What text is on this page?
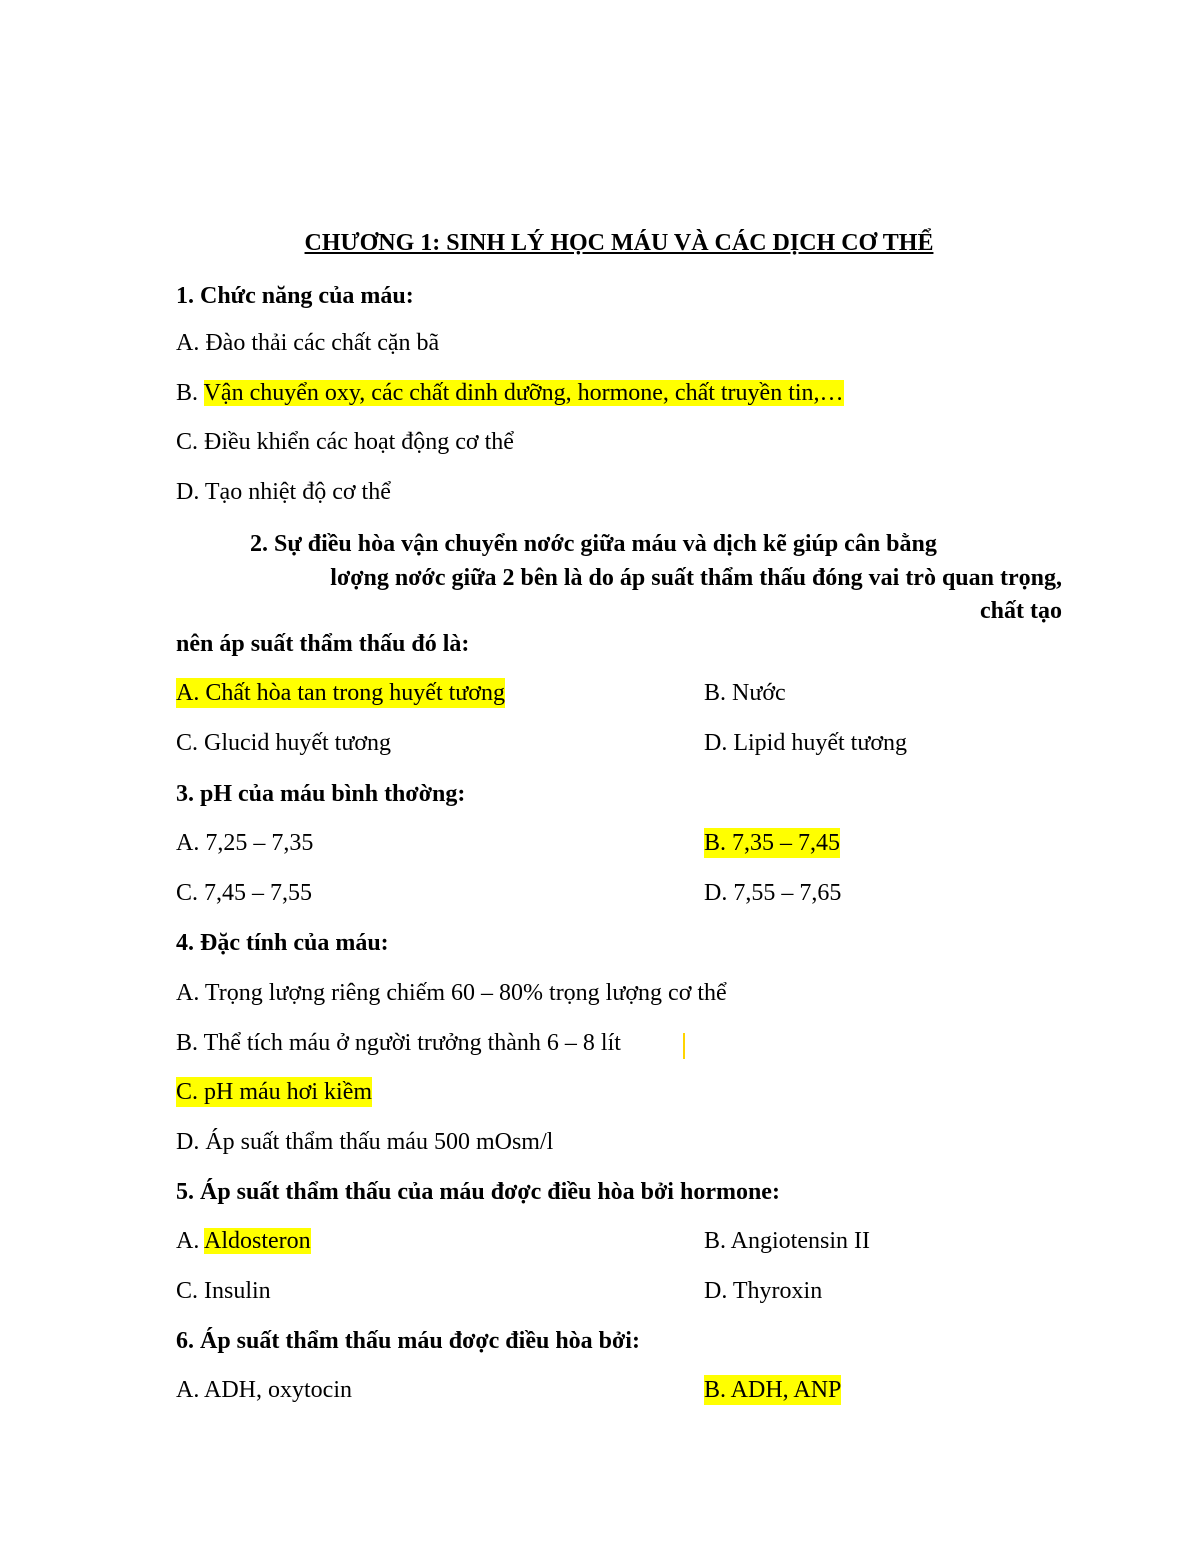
CHƯƠNG 1: SINH LÝ HỌC MÁU VÀ CÁC DỊCH CƠ THỂ
1. Chức năng của máu:
A. Đào thải các chất cặn bã
B. Vận chuyển oxy, các chất dinh dưỡng, hormone, chất truyền tin,…
C. Điều khiển các hoạt động cơ thể
D. Tạo nhiệt độ cơ thể
2. Sự điều hòa vận chuyển nơớc giữa máu và dịch kẽ giúp cân bằng
lơợng nơớc giữa 2 bên là do áp suất thẩm thấu đóng vai trò quan trọng,
chất tạo
nên áp suất thẩm thấu đó là:
A. Chất hòa tan trong huyết tương	B. Nước
C. Glucid huyết tương	D. Lipid huyết tương
3. pH của máu bình thơờng:
A. 7,25 – 7,35	B. 7,35 – 7,45
C. 7,45 – 7,55	D. 7,55 – 7,65
4. Đặc tính của máu:
A. Trọng lượng riêng chiếm 60 – 80% trọng lượng cơ thể
B. Thể tích máu ở người trưởng thành 6 – 8 lít
C. pH máu hơi kiềm
D. Áp suất thẩm thấu máu 500 mOsm/l
5. Áp suất thẩm thấu của máu đơợc điều hòa bởi hormone:
A. Aldosteron	B. Angiotensin II
C. Insulin	D. Thyroxin
6. Áp suất thẩm thấu máu đơợc điều hòa bởi:
A. ADH, oxytocin	B. ADH, ANP
